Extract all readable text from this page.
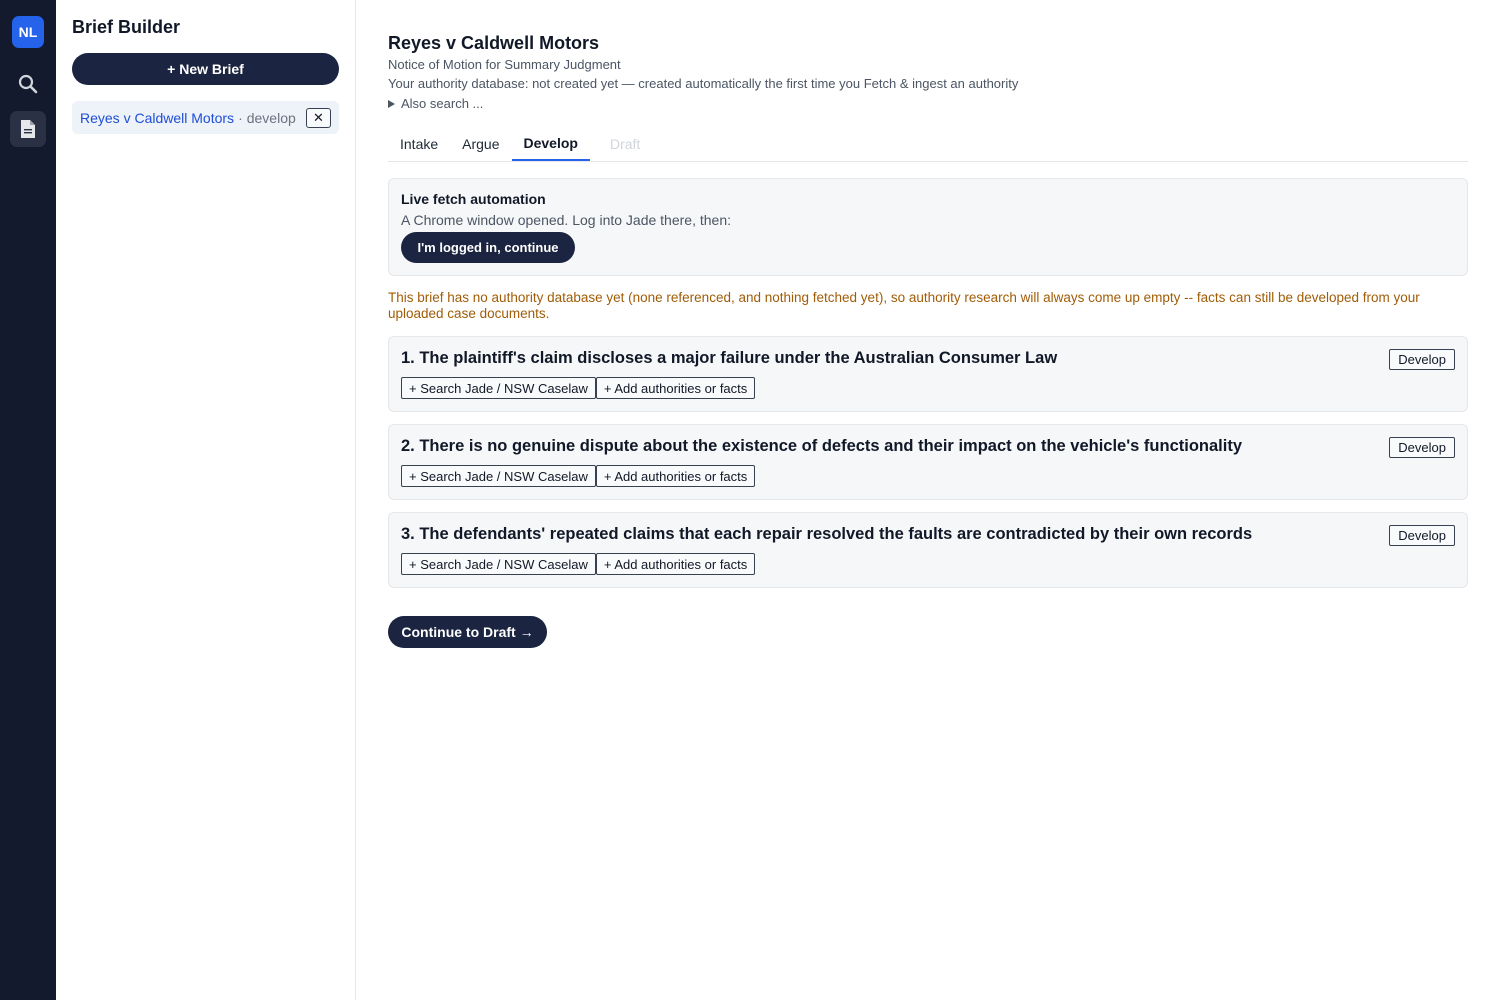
NL	Brief Builder
+ New Brief
Reyes v Caldwell Motors · develop	✕
Reyes v Caldwell Motors
Notice of Motion for Summary Judgment
Your authority database: not created yet — created automatically the first time you Fetch & ingest an authority
Also search ...
Intake	Argue	Develop	Draft
Live fetch automation
A Chrome window opened. Log into Jade there, then:
I'm logged in, continue
This brief has no authority database yet (none referenced, and nothing fetched yet), so authority research will always come up empty -- facts can still be developed from your uploaded case documents.
1. The plaintiff's claim discloses a major failure under the Australian Consumer Law
+ Search Jade / NSW Caselaw	+ Add authorities or facts
Develop
2. There is no genuine dispute about the existence of defects and their impact on the vehicle's functionality
+ Search Jade / NSW Caselaw	+ Add authorities or facts
Develop
3. The defendants' repeated claims that each repair resolved the faults are contradicted by their own records
+ Search Jade / NSW Caselaw	+ Add authorities or facts
Develop
Continue to Draft →
